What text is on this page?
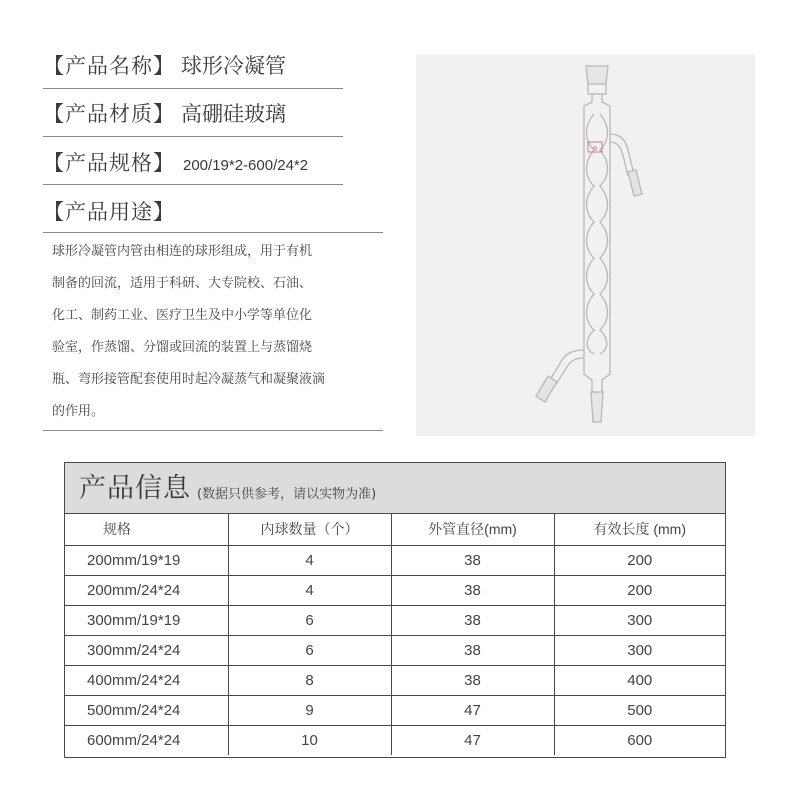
【产品名称】 球形冷凝管
【产品材质】 高硼硅玻璃
【产品规格】 200/19*2-600/24*2
【产品用途】
球形冷凝管内管由相连的球形组成，用于有机
制备的回流，适用于科研、大专院校、石油、
化工、制药工业、医疗卫生及中小学等单位化
验室，作蒸馏、分馏或回流的装置上与蒸馏烧
瓶、弯形接管配套使用时起冷凝蒸气和凝聚液滴
的作用。
⌬
产品信息 (数据只供参考，请以实物为准)
规格	内球数量（个）	外管直径(mm)	有效长度 (mm)
200mm/19*19	4	38	200
200mm/24*24	4	38	200
300mm/19*19	6	38	300
300mm/24*24	6	38	300
400mm/24*24	8	38	400
500mm/24*24	9	47	500
600mm/24*24	10	47	600
